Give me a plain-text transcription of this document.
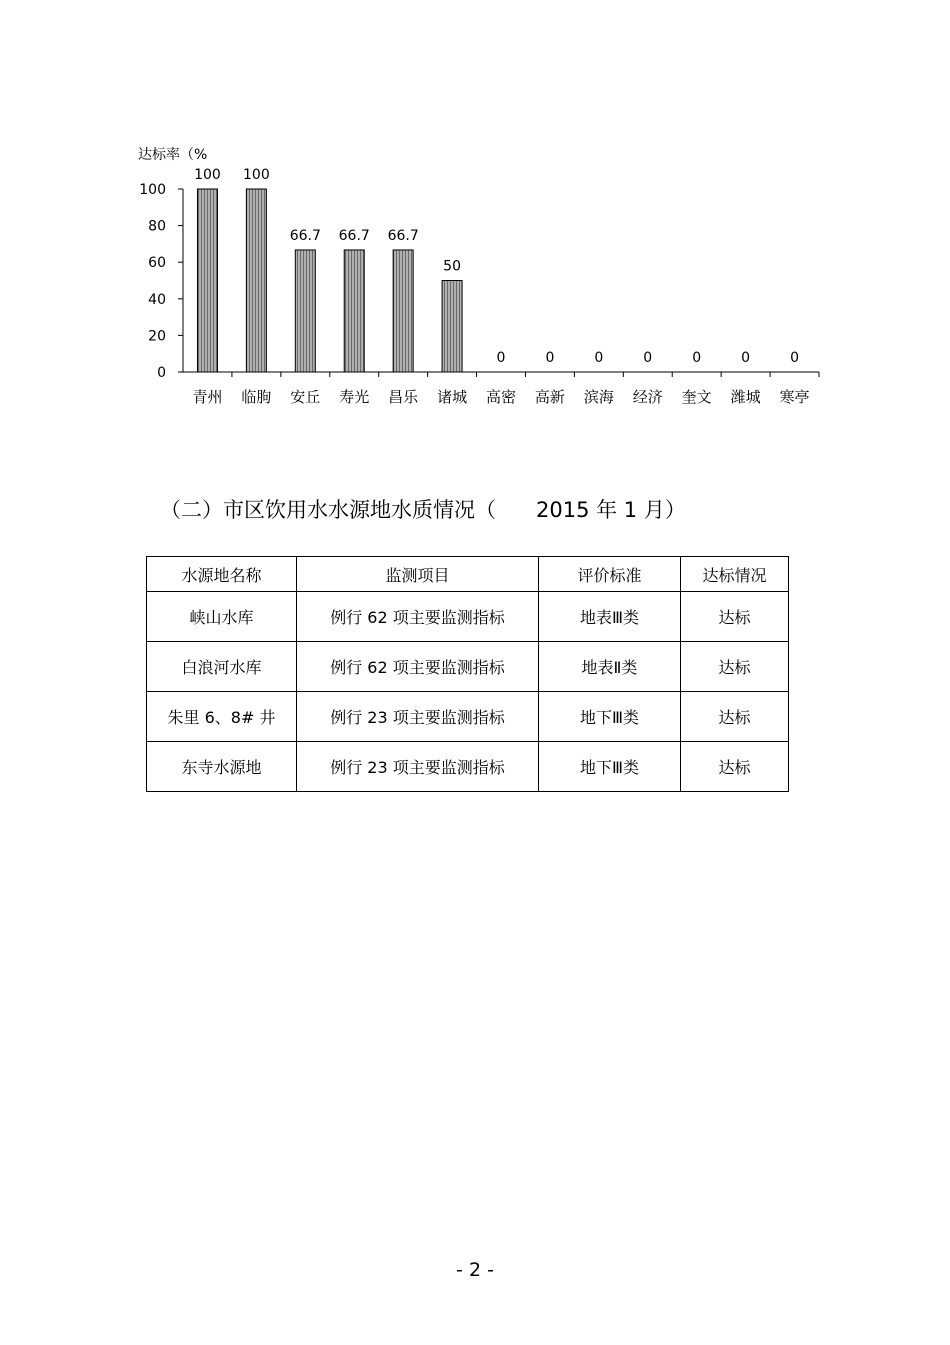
达标率（%
0
20
40
60
80
100
100 100
66.7 66.7 66.7
50
0	0	0	0	0	0	0
青州 临朐 安丘 寿光 昌乐 诸城 高密 高新 滨海 经济 奎文 潍城 寒亭
（二）市区饮用水水源地水质情况（ 2015 年 1 月）
水源地名称	监测项目	评价标准	达标情况
峡山水库	例行 62 项主要监测指标	地表Ⅲ类	达标
白浪河水库	例行 62 项主要监测指标	地表Ⅱ类	达标
朱里 6、8# 井	例行 23 项主要监测指标	地下Ⅲ类	达标
东寺水源地	例行 23 项主要监测指标	地下Ⅲ类	达标
- 2 -
